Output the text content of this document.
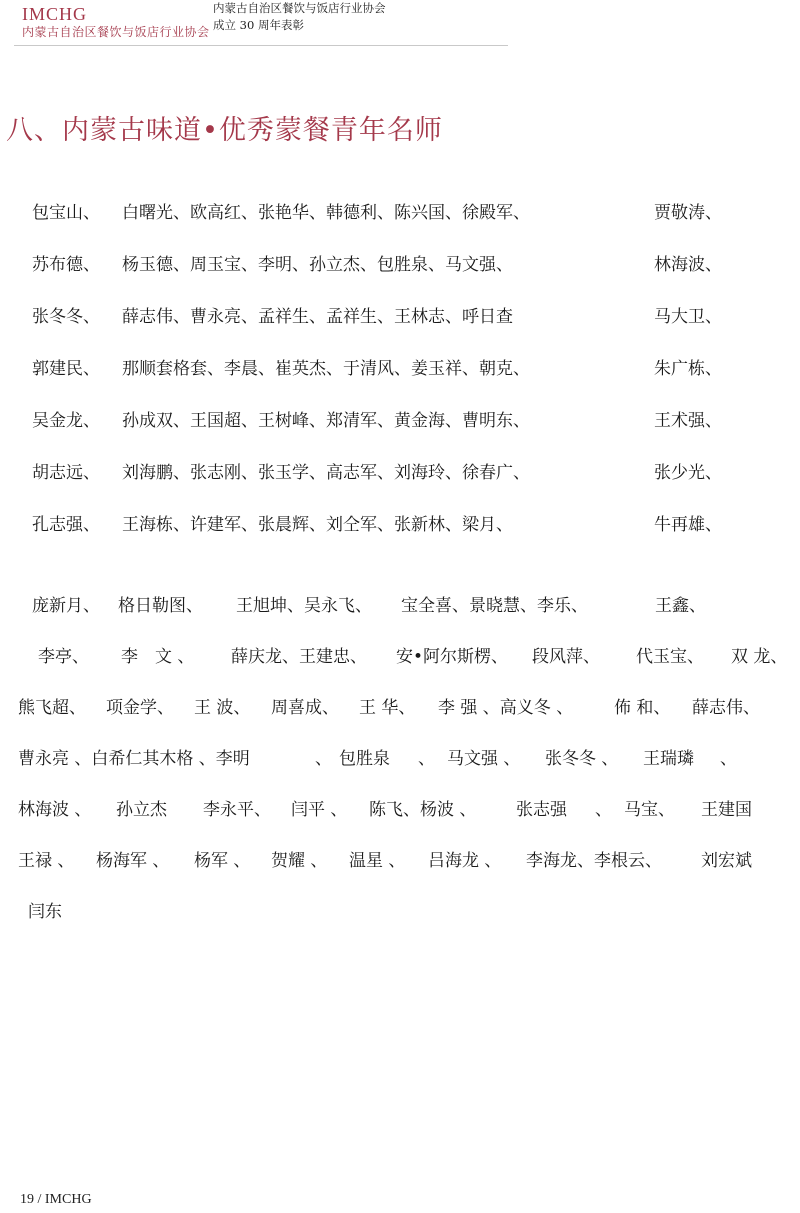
IMCHG
内蒙古自治区餐饮与饭店行业协会
内蒙古自治区餐饮与饭店行业协会
成立 30 周年表彰
八、内蒙古味道•优秀蒙餐青年名师
包宝山、 白曙光、欧高红、张艳华、韩德利、陈兴国、徐殿军、	贾敬涛、
苏布德、 杨玉德、周玉宝、李明、孙立杰、包胜泉、马文强、	林海波、
张冬冬、 薛志伟、曹永亮、孟祥生、孟祥生、王林志、呼日查	马大卫、
郭建民、 那顺套格套、李晨、崔英杰、于清风、姜玉祥、朝克、	朱广栋、
吴金龙、 孙成双、王国超、王树峰、郑清军、黄金海、曹明东、	王术强、
胡志远、 刘海鹏、张志刚、张玉学、高志军、刘海玲、徐春广、	张少光、
孔志强、 王海栋、许建军、张晨辉、刘仝军、张新林、梁月、	牛再雄、
庞新月、 格日勒图、 王旭坤、吴永飞、 宝全喜、景晓慧、李乐、	王鑫、
李亭、 李　文 、 薛庆龙、王建忠、 安•阿尔斯楞、 段风萍、 代玉宝、 双 龙、
熊飞超、 项金学、 王 波、 周喜成、 王 华、 李 强 、高义冬 、 佈 和、 薛志伟、
曹永亮 、白希仁其木格 、李明	、 包胜泉 、 马文强 、 张冬冬 、 王瑞璘 、
林海波 、 孙立杰 李永平、 闫平 、 陈飞、杨波 、 张志强 、 马宝、 王建国
王禄 、 杨海军 、 杨军 、 贺耀 、 温星 、 吕海龙 、 李海龙、李根云、 刘宏斌
闫东
19 / IMCHG
